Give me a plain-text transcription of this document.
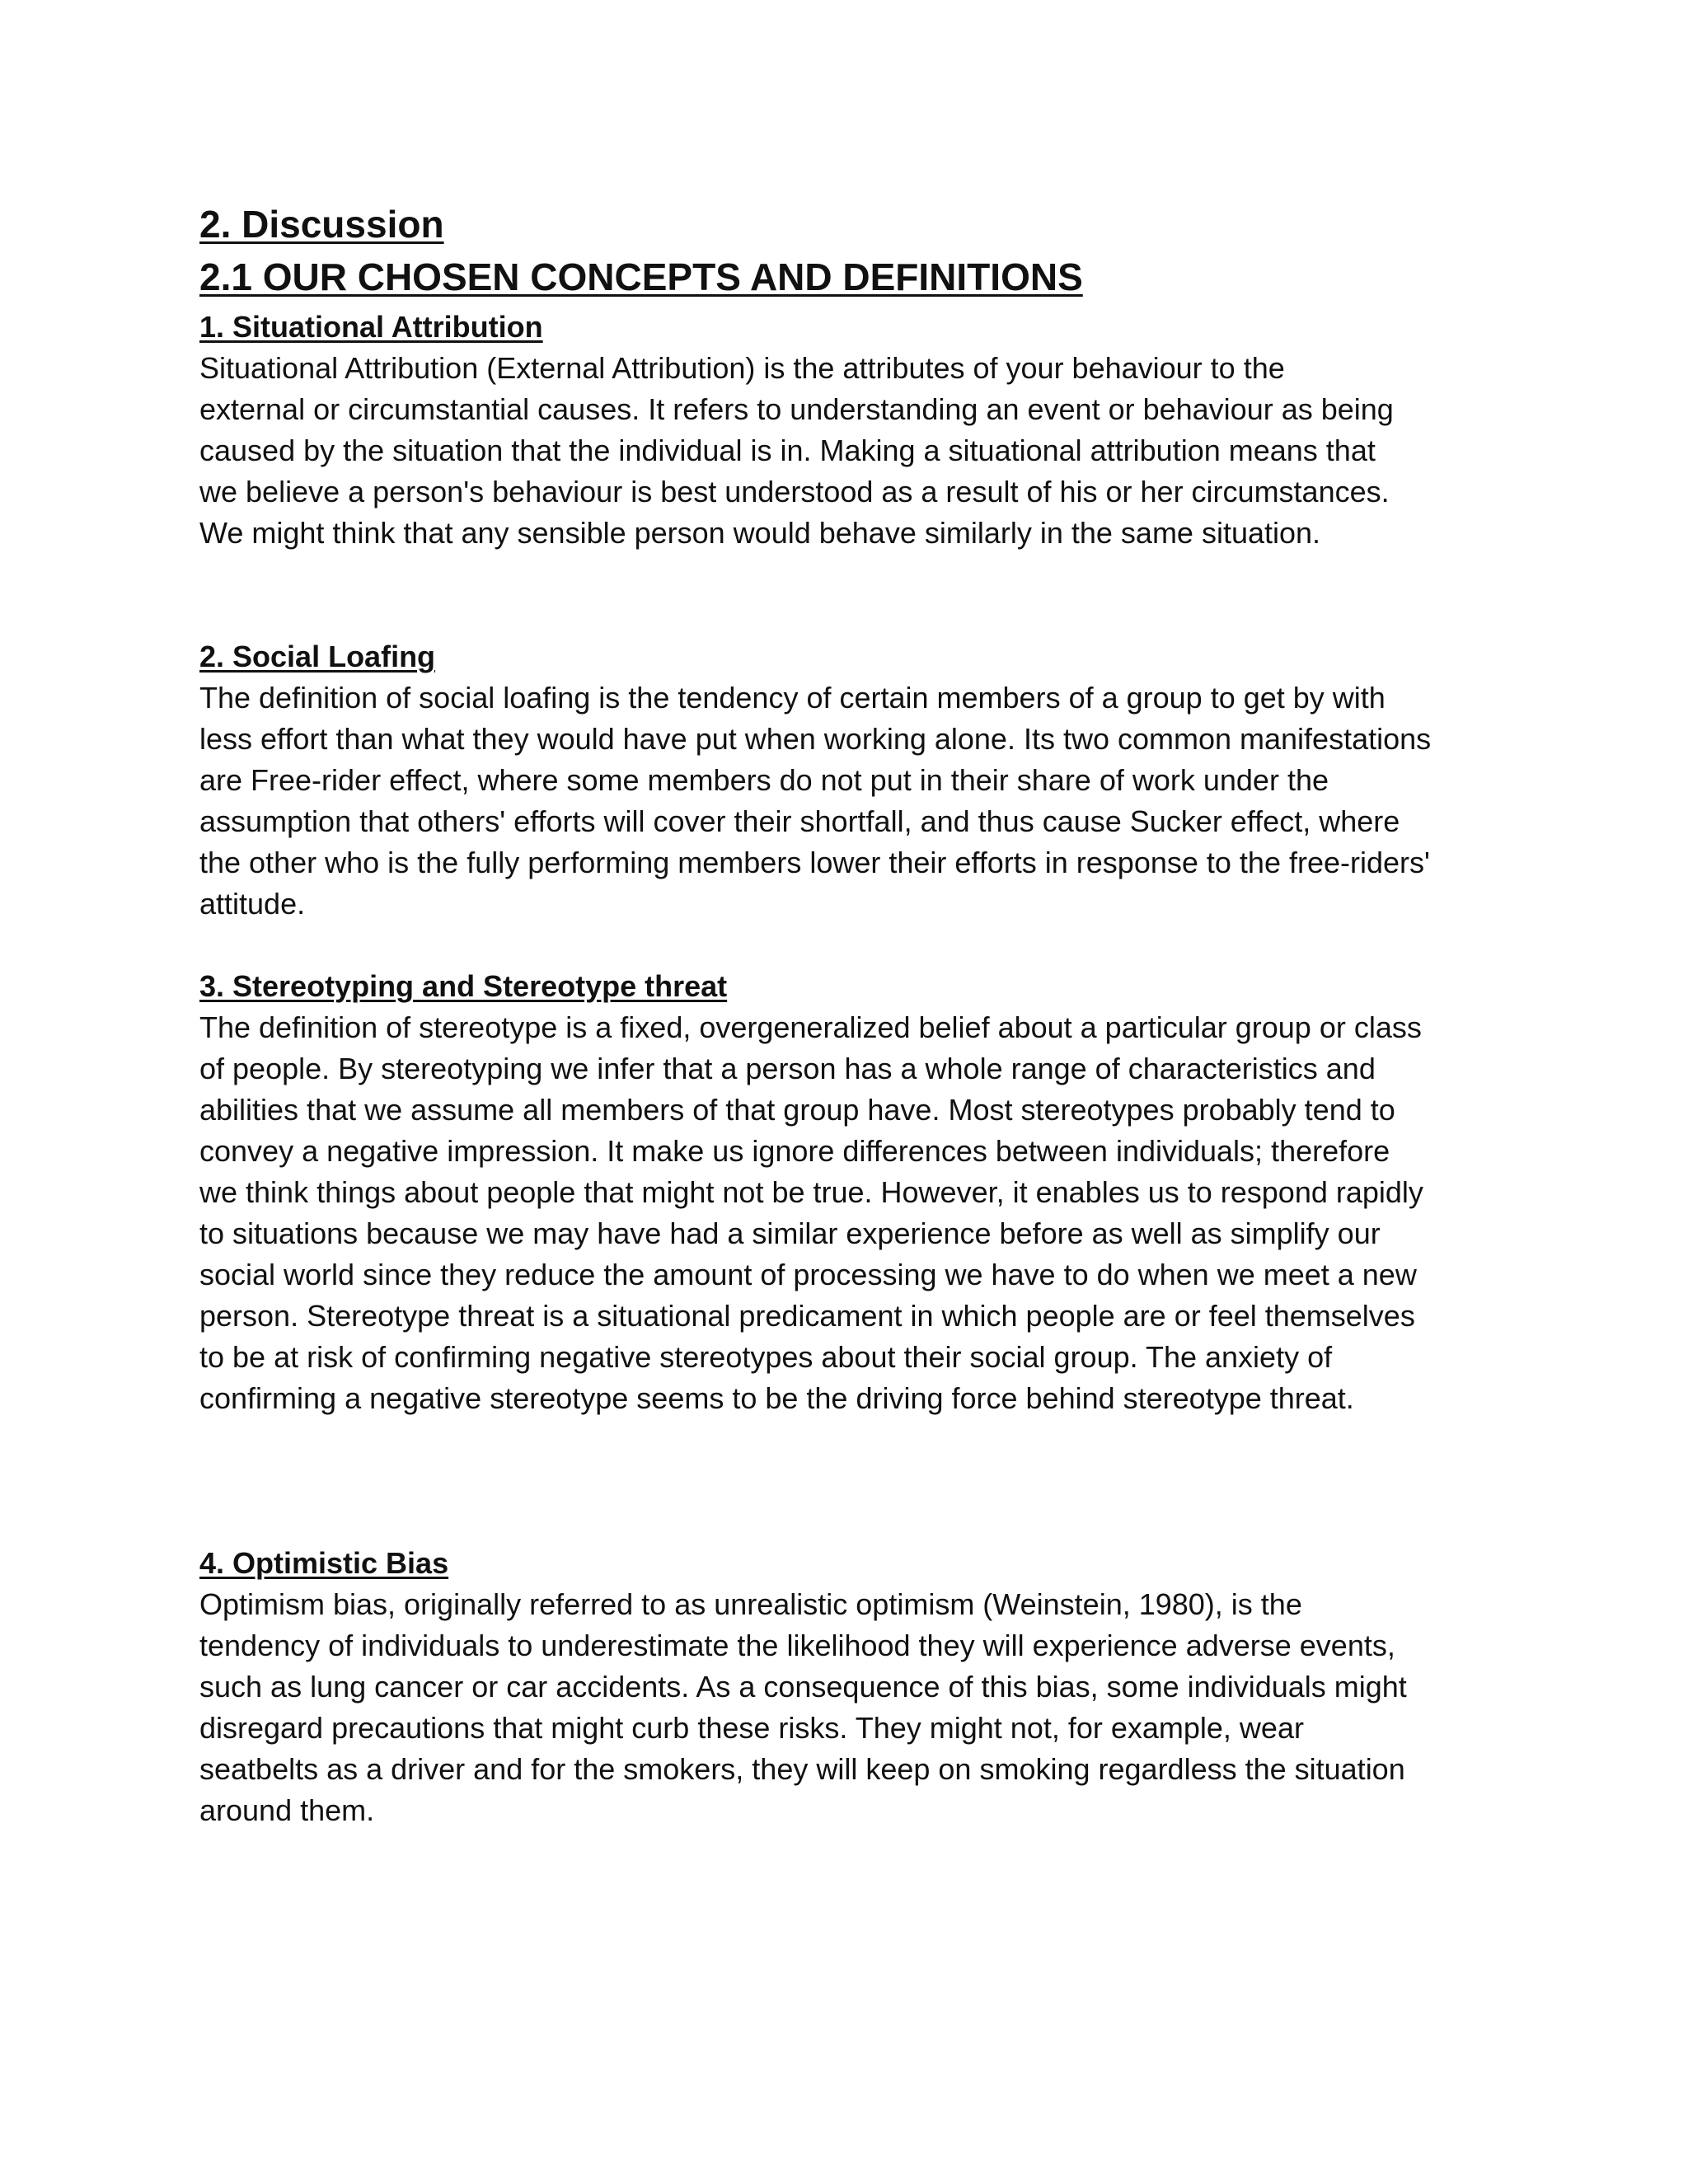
2. Discussion
2.1 OUR CHOSEN CONCEPTS AND DEFINITIONS
1. Situational Attribution
Situational Attribution (External Attribution) is the attributes of your behaviour to the
external or circumstantial causes. It refers to understanding an event or behaviour as being
caused by the situation that the individual is in. Making a situational attribution means that
we believe a person's behaviour is best understood as a result of his or her circumstances.
We might think that any sensible person would behave similarly in the same situation.
2. Social Loafing
The definition of social loafing is the tendency of certain members of a group to get by with
less effort than what they would have put when working alone. Its two common manifestations
are Free-rider effect, where some members do not put in their share of work under the
assumption that others' efforts will cover their shortfall, and thus cause Sucker effect, where
the other who is the fully performing members lower their efforts in response to the free-riders'
attitude.
3. Stereotyping and Stereotype threat
The definition of stereotype is a fixed, overgeneralized belief about a particular group or class
of people. By stereotyping we infer that a person has a whole range of characteristics and
abilities that we assume all members of that group have. Most stereotypes probably tend to
convey a negative impression. It make us ignore differences between individuals; therefore
we think things about people that might not be true. However, it enables us to respond rapidly
to situations because we may have had a similar experience before as well as simplify our
social world since they reduce the amount of processing we have to do when we meet a new
person. Stereotype threat is a situational predicament in which people are or feel themselves
to be at risk of confirming negative stereotypes about their social group. The anxiety of
confirming a negative stereotype seems to be the driving force behind stereotype threat.
4. Optimistic Bias
Optimism bias, originally referred to as unrealistic optimism (Weinstein, 1980), is the
tendency of individuals to underestimate the likelihood they will experience adverse events,
such as lung cancer or car accidents. As a consequence of this bias, some individuals might
disregard precautions that might curb these risks. They might not, for example, wear
seatbelts as a driver and for the smokers, they will keep on smoking regardless the situation
around them.
